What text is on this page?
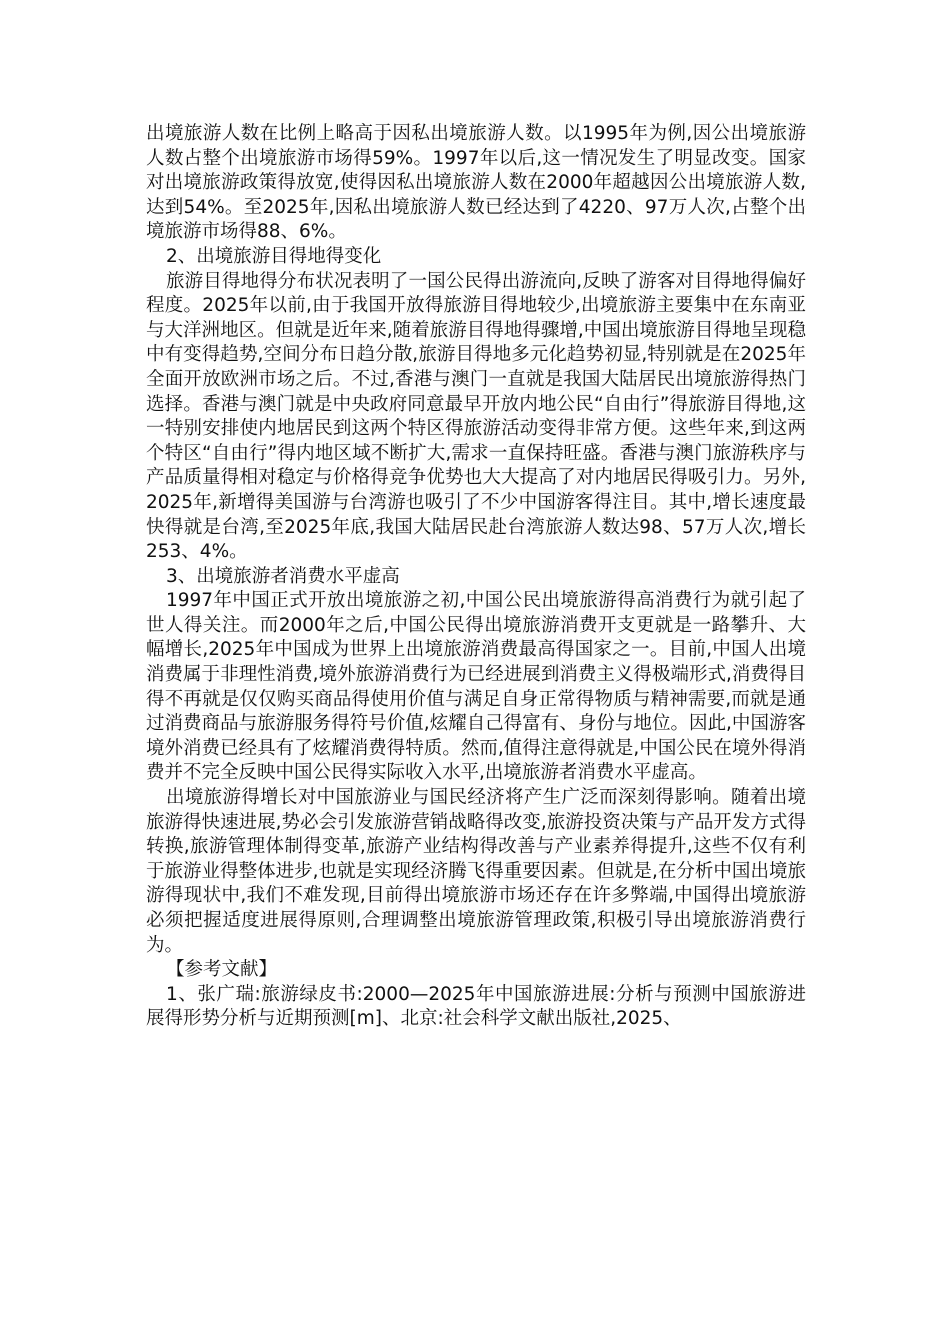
出境旅游人数在比例上略高于因私出境旅游人数。以1995年为例,因公出境旅游人数占整个出境旅游市场得59%。1997年以后,这一情况发生了明显改变。国家对出境旅游政策得放宽,使得因私出境旅游人数在2000年超越因公出境旅游人数,达到54%。至2025年,因私出境旅游人数已经达到了4220、97万人次,占整个出境旅游市场得88、6%。

2、出境旅游目得地得变化

旅游目得地得分布状况表明了一国公民得出游流向,反映了游客对目得地得偏好程度。2025年以前,由于我国开放得旅游目得地较少,出境旅游主要集中在东南亚与大洋洲地区。但就是近年来,随着旅游目得地得骤增,中国出境旅游目得地呈现稳中有变得趋势,空间分布日趋分散,旅游目得地多元化趋势初显,特别就是在2025年全面开放欧洲市场之后。不过,香港与澳门一直就是我国大陆居民出境旅游得热门选择。香港与澳门就是中央政府同意最早开放内地公民“自由行”得旅游目得地,这一特别安排使内地居民到这两个特区得旅游活动变得非常方便。这些年来,到这两个特区“自由行”得内地区域不断扩大,需求一直保持旺盛。香港与澳门旅游秩序与产品质量得相对稳定与价格得竞争优势也大大提高了对内地居民得吸引力。另外,2025年,新增得美国游与台湾游也吸引了不少中国游客得注目。其中,增长速度最快得就是台湾,至2025年底,我国大陆居民赴台湾旅游人数达98、57万人次,增长253、4%。

3、出境旅游者消费水平虚高

1997年中国正式开放出境旅游之初,中国公民出境旅游得高消费行为就引起了世人得关注。而2000年之后,中国公民得出境旅游消费开支更就是一路攀升、大幅增长,2025年中国成为世界上出境旅游消费最高得国家之一。目前,中国人出境消费属于非理性消费,境外旅游消费行为已经进展到消费主义得极端形式,消费得目得不再就是仅仅购买商品得使用价值与满足自身正常得物质与精神需要,而就是通过消费商品与旅游服务得符号价值,炫耀自己得富有、身份与地位。因此,中国游客境外消费已经具有了炫耀消费得特质。然而,值得注意得就是,中国公民在境外得消费并不完全反映中国公民得实际收入水平,出境旅游者消费水平虚高。

出境旅游得增长对中国旅游业与国民经济将产生广泛而深刻得影响。随着出境旅游得快速进展,势必会引发旅游营销战略得改变,旅游投资决策与产品开发方式得转换,旅游管理体制得变革,旅游产业结构得改善与产业素养得提升,这些不仅有利于旅游业得整体进步,也就是实现经济腾飞得重要因素。但就是,在分析中国出境旅游得现状中,我们不难发现,目前得出境旅游市场还存在许多弊端,中国得出境旅游必须把握适度进展得原则,合理调整出境旅游管理政策,积极引导出境旅游消费行为。

【参考文献】

1、张广瑞:旅游绿皮书:2000—2025年中国旅游进展:分析与预测中国旅游进展得形势分析与近期预测[m]、北京:社会科学文献出版社,2025、
